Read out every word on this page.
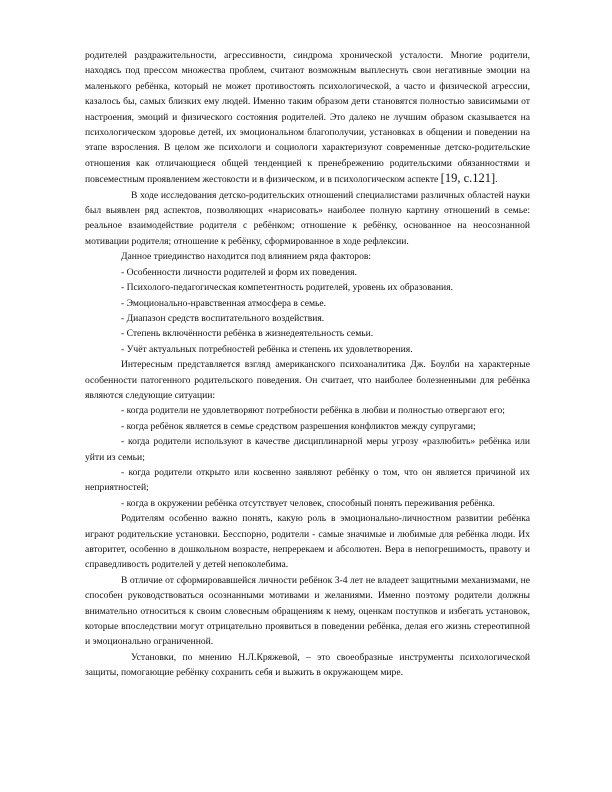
родителей раздражительности, агрессивности, синдрома хронической усталости. Многие родители, находясь под прессом множества проблем, считают возможным выплеснуть свои негативные эмоции на маленького ребёнка, который не может противостоять психологической, а часто и физической агрессии, казалось бы, самых близких ему людей. Именно таким образом дети становятся полностью зависимыми от настроения, эмоций и физического состояния родителей. Это далеко не лучшим образом сказывается на психологическом здоровье детей, их эмоциональном благополучии, установках в общении и поведении на этапе взросления. В целом же психологи и социологи характеризуют современные детско-родительские отношения как отличающиеся общей тенденцией к пренебрежению родительскими обязанностями и повсеместным проявлением жестокости и в физическом, и в психологическом аспекте [19, с.121].

В ходе исследования детско-родительских отношений специалистами различных областей науки был выявлен ряд аспектов, позволяющих «нарисовать» наиболее полную картину отношений в семье: реальное взаимодействие родителя с ребёнком; отношение к ребёнку, основанное на неосознанной мотивации родителя; отношение к ребёнку, сформированное в ходе рефлексии.

Данное триединство находится под влиянием ряда факторов:

- Особенности личности родителей и форм их поведения.
- Психолого-педагогическая компетентность родителей, уровень их образования.
- Эмоционально-нравственная атмосфера в семье.
- Диапазон средств воспитательного воздействия.
- Степень включённости ребёнка в жизнедеятельность семьи.
- Учёт актуальных потребностей ребёнка и степень их удовлетворения.

Интересным представляется взгляд американского психоаналитика Дж. Боулби на характерные особенности патогенного родительского поведения. Он считает, что наиболее болезненными для ребёнка являются следующие ситуации:

- когда родители не удовлетворяют потребности ребёнка в любви и полностью отвергают его;

- когда ребёнок является в семье средством разрешения конфликтов между супругами;

- когда родители используют в качестве дисциплинарной меры угрозу «разлюбить» ребёнка или уйти из семьи;

- когда родители открыто или косвенно заявляют ребёнку о том, что он является причиной их неприятностей;

- когда в окружении ребёнка отсутствует человек, способный понять переживания ребёнка.

Родителям особенно важно понять, какую роль в эмоционально-личностном развитии ребёнка играют родительские установки. Бесспорно, родители - самые значимые и любимые для ребёнка люди. Их авторитет, особенно в дошкольном возрасте, непререкаем и абсолютен. Вера в непогрешимость, правоту и справедливость родителей у детей непоколебима.

В отличие от сформировавшейся личности ребёнок 3-4 лет не владеет защитными механизмами, не способен руководствоваться осознанными мотивами и желаниями. Именно поэтому родители должны внимательно относиться к своим словесным обращениям к нему, оценкам поступков и избегать установок, которые впоследствии могут отрицательно проявиться в поведении ребёнка, делая его жизнь стереотипной и эмоционально ограниченной.

Установки, по мнению Н.Л.Кряжевой, – это своеобразные инструменты психологической защиты, помогающие ребёнку сохранить себя и выжить в окружающем мире.
